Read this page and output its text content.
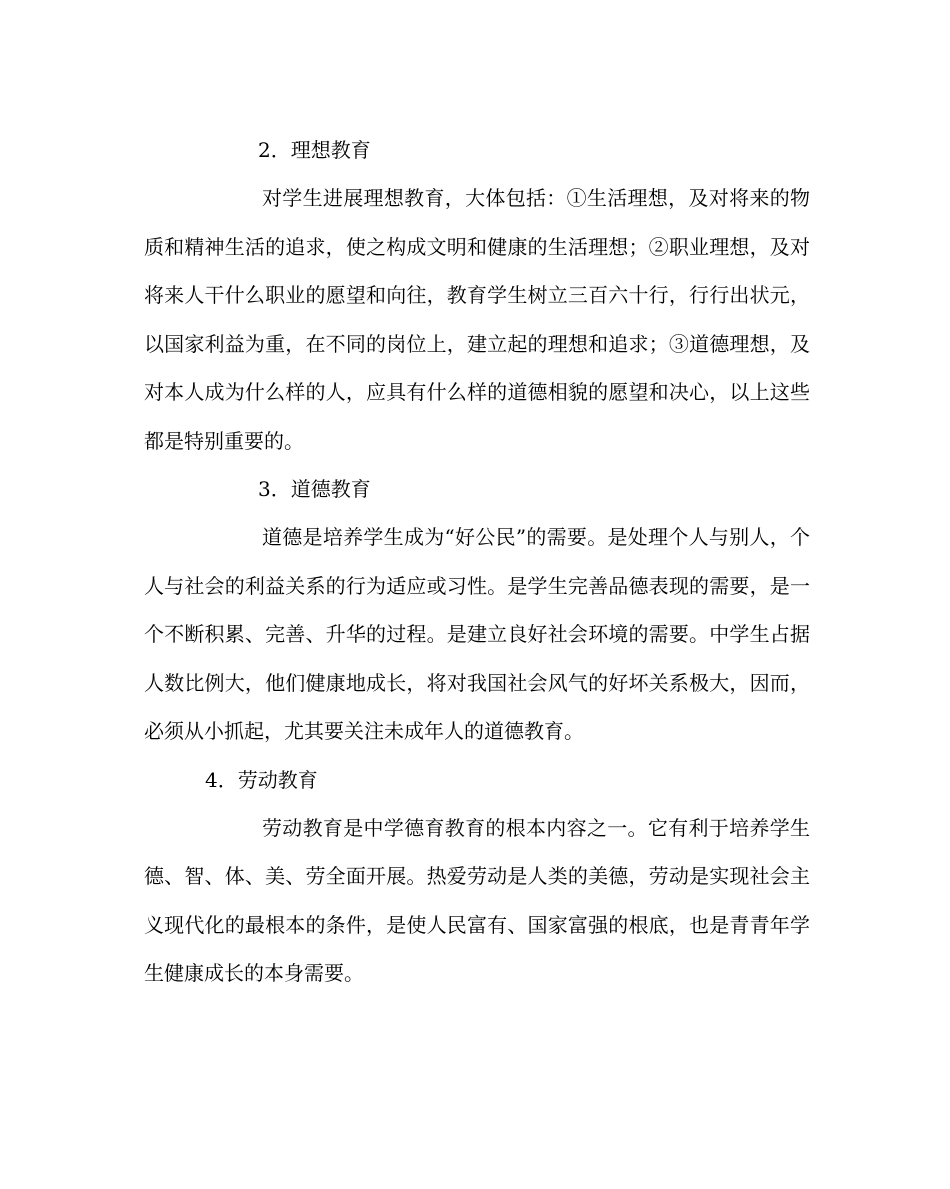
2．理想教育

对学生进展理想教育，大体包括：①生活理想，及对将来的物质和精神生活的追求，使之构成文明和健康的生活理想；②职业理想，及对将来人干什么职业的愿望和向往，教育学生树立三百六十行，行行出状元，以国家利益为重，在不同的岗位上，建立起的理想和追求；③道德理想，及对本人成为什么样的人，应具有什么样的道德相貌的愿望和决心，以上这些都是特别重要的。

3．道德教育

道德是培养学生成为“好公民”的需要。是处理个人与别人，个人与社会的利益关系的行为适应或习性。是学生完善品德表现的需要，是一个不断积累、完善、升华的过程。是建立良好社会环境的需要。中学生占据人数比例大，他们健康地成长，将对我国社会风气的好坏关系极大，因而，必须从小抓起，尤其要关注未成年人的道德教育。

4．劳动教育

劳动教育是中学德育教育的根本内容之一。它有利于培养学生德、智、体、美、劳全面开展。热爱劳动是人类的美德，劳动是实现社会主义现代化的最根本的条件，是使人民富有、国家富强的根底，也是青青年学生健康成长的本身需要。
